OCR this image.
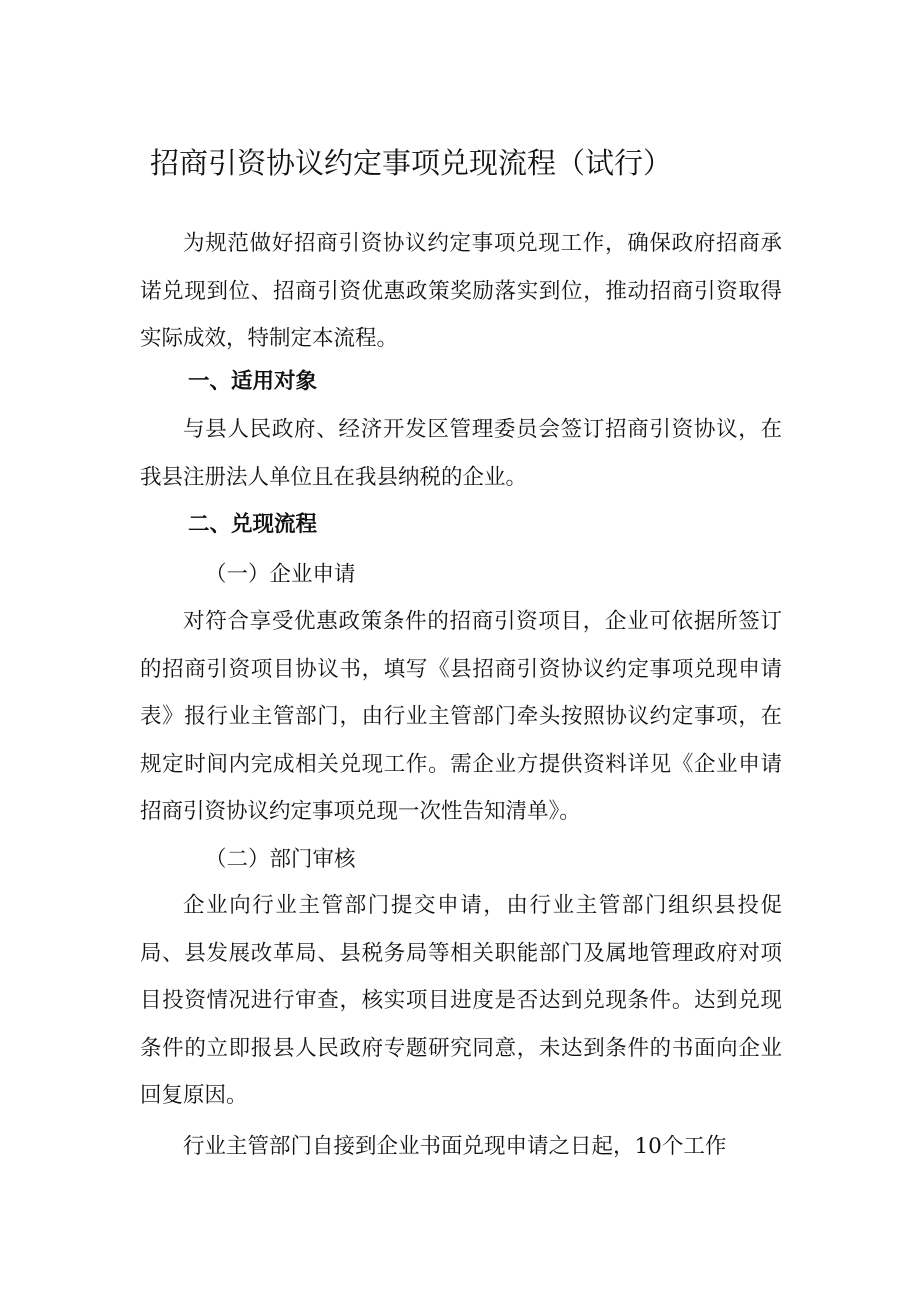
招商引资协议约定事项兑现流程（试行）

为规范做好招商引资协议约定事项兑现工作，确保政府招商承诺兑现到位、招商引资优惠政策奖励落实到位，推动招商引资取得实际成效，特制定本流程。

一、适用对象

与县人民政府、经济开发区管理委员会签订招商引资协议，在我县注册法人单位且在我县纳税的企业。

二、兑现流程
（一）企业申请

对符合享受优惠政策条件的招商引资项目，企业可依据所签订的招商引资项目协议书，填写《县招商引资协议约定事项兑现申请表》报行业主管部门，由行业主管部门牵头按照协议约定事项，在规定时间内完成相关兑现工作。需企业方提供资料详见《企业申请招商引资协议约定事项兑现一次性告知清单》。

（二）部门审核

企业向行业主管部门提交申请，由行业主管部门组织县投促局、县发展改革局、县税务局等相关职能部门及属地管理政府对项目投资情况进行审查，核实项目进度是否达到兑现条件。达到兑现条件的立即报县人民政府专题研究同意，未达到条件的书面向企业回复原因。

行业主管部门自接到企业书面兑现申请之日起，10个工作
